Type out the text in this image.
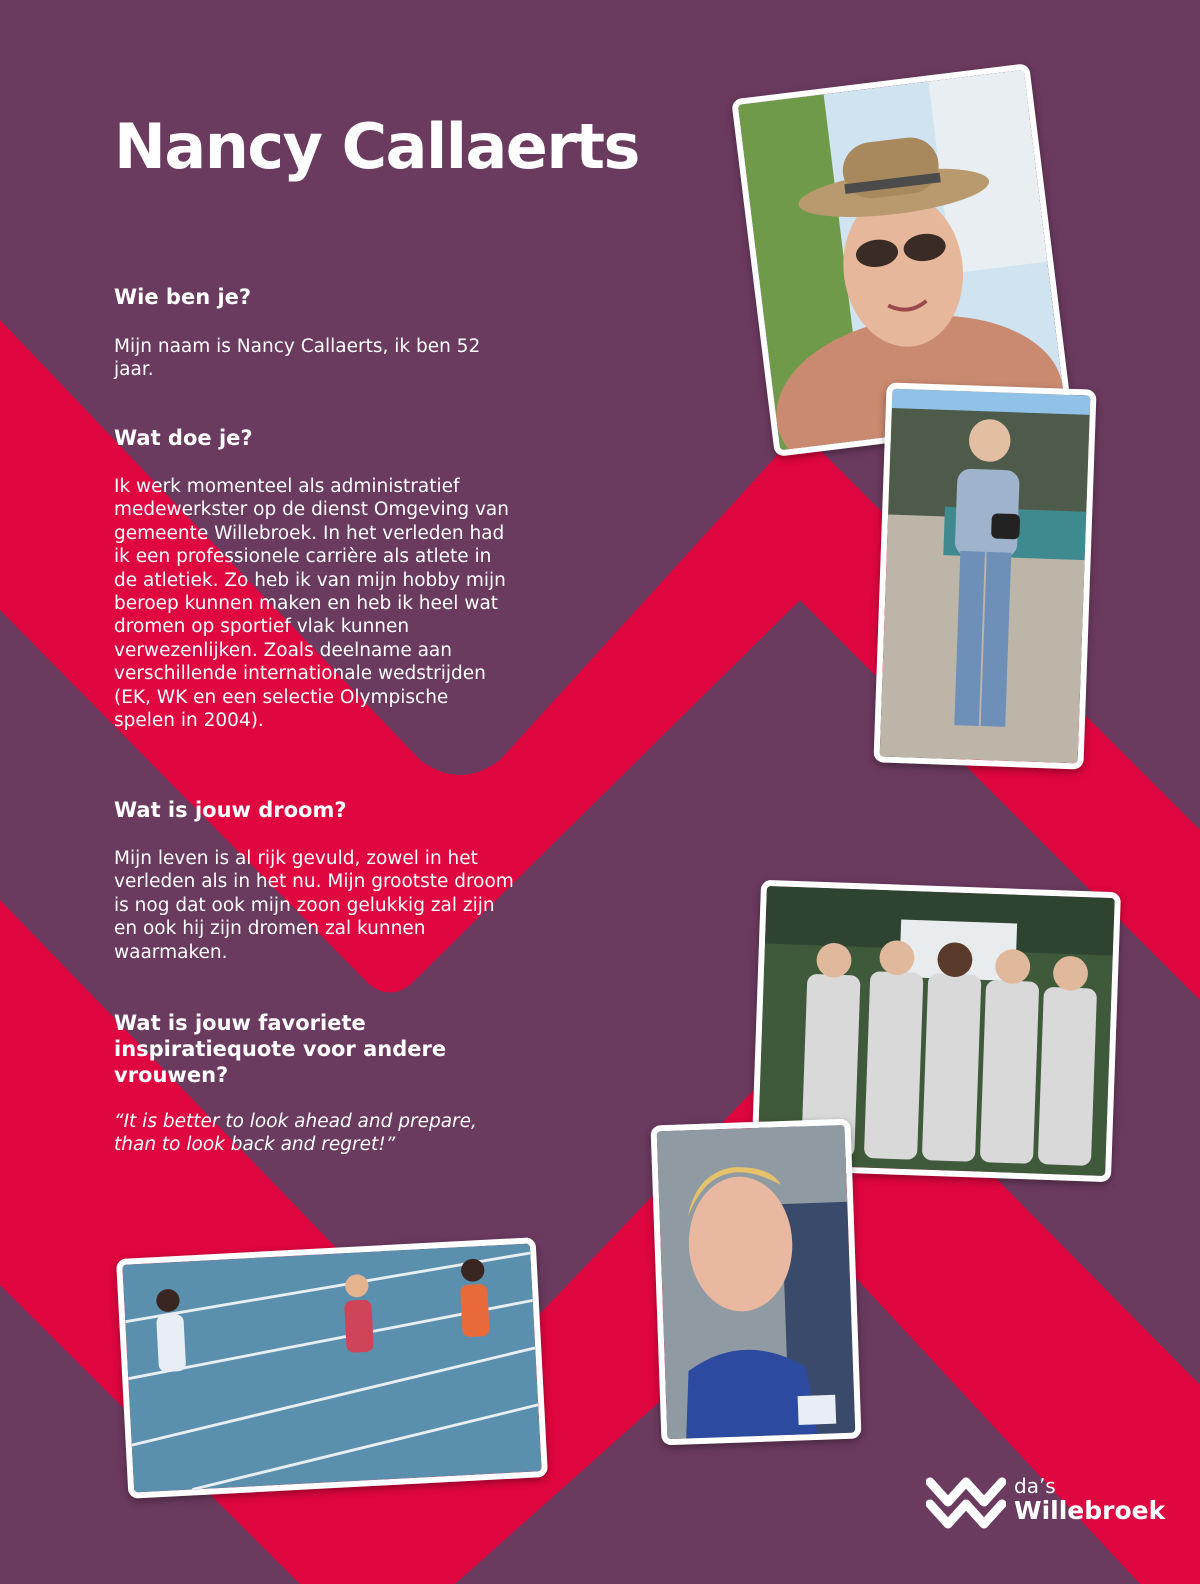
Nancy Callaerts
Wie ben je?

Mijn naam is Nancy Callaerts, ik ben 52 jaar.

Wat doe je?

Ik werk momenteel als administratief medewerkster op de dienst Omgeving van gemeente Willebroek. In het verleden had ik een professionele carrière als atlete in de atletiek. Zo heb ik van mijn hobby mijn beroep kunnen maken en heb ik heel wat dromen op sportief vlak kunnen verwezenlijken. Zoals deelname aan verschillende internationale wedstrijden (EK, WK en een selectie Olympische spelen in 2004).

Wat is jouw droom?

Mijn leven is al rijk gevuld, zowel in het verleden als in het nu. Mijn grootste droom is nog dat ook mijn zoon gelukkig zal zijn en ook hij zijn dromen zal kunnen waarmaken.

Wat is jouw favoriete inspiratiequote voor andere vrouwen?

“It is better to look ahead and prepare, than to look back and regret!”

da’s
Willebroek
